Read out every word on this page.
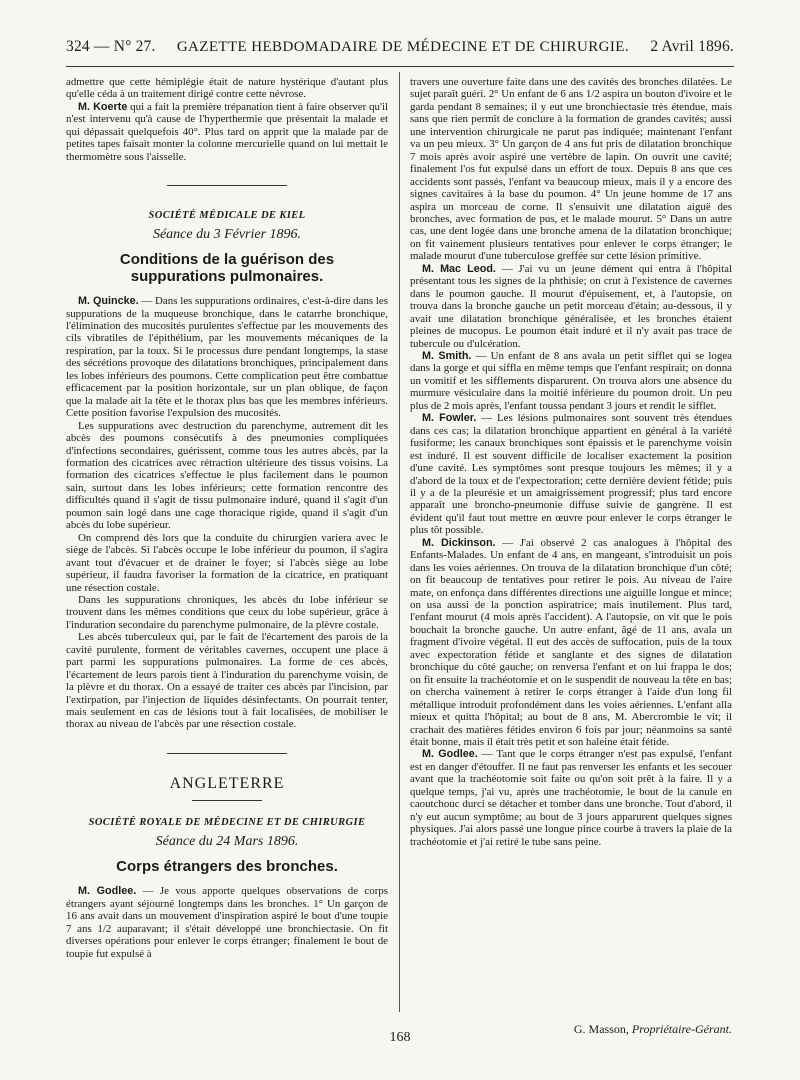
324 — N° 27. GAZETTE HEBDOMADAIRE DE MÉDECINE ET DE CHIRURGIE. 2 Avril 1896.

admettre que cette hémiplégie était de nature hystérique d'autant plus qu'elle céda à un traitement dirigé contre cette névrose.

M. Koerte qui a fait la première trépanation tient à faire observer qu'il n'est intervenu qu'à cause de l'hyperthermie que présentait la malade et qui dépassait quelquefois 40°. Plus tard on apprit que la malade par de petites tapes faisait monter la colonne mercurielle quand on lui mettait le thermomètre sous l'aisselle.

SOCIÉTÉ MÉDICALE DE KIEL
Séance du 3 Février 1896.
Conditions de la guérison des suppurations pulmonaires.

M. Quincke. — Dans les suppurations ordinaires, c'est-à-dire dans les suppurations de la muqueuse bronchique, dans le catarrhe bronchique, l'élimination des mucosités purulentes s'effectue par les mouvements des cils vibratiles de l'épithélium, par les mouvements mécaniques de la respiration, par la toux. Si le processus dure pendant longtemps, la stase des sécrétions provoque des dilatations bronchiques, principalement dans les lobes inférieurs des poumons. Cette complication peut être combattue efficacement par la position horizontale, sur un plan oblique, de façon que la malade ait la tête et le thorax plus bas que les membres inférieurs. Cette position favorise l'expulsion des mucosités.

Les suppurations avec destruction du parenchyme, autrement dit les abcès des poumons consécutifs à des pneumonies compliquées d'infections secondaires, guérissent, comme tous les autres abcès, par la formation des cicatrices avec rétraction ultérieure des tissus voisins. La formation des cicatrices s'effectue le plus facilement dans le poumon sain, surtout dans les lobes inférieurs; cette formation rencontre des difficultés quand il s'agit de tissu pulmonaire induré, quand il s'agit d'un poumon sain logé dans une cage thoracique rigide, quand il s'agit d'un abcès du lobe supérieur.

On comprend dès lors que la conduite du chirurgien variera avec le siège de l'abcès. Si l'abcès occupe le lobe inférieur du poumon, il s'agira avant tout d'évacuer et de drainer le foyer; si l'abcès siège au lobe supérieur, il faudra favoriser la formation de la cicatrice, en pratiquant une résection costale.

Dans les suppurations chroniques, les abcès du lobe inférieur se trouvent dans les mêmes conditions que ceux du lobe supérieur, grâce à l'induration secondaire du parenchyme pulmonaire, de la plèvre costale.

Les abcès tuberculeux qui, par le fait de l'écartement des parois de la cavité purulente, forment de véritables cavernes, occupent une place à part parmi les suppurations pulmonaires. La forme de ces abcès, l'écartement de leurs parois tient à l'induration du parenchyme voisin, de la plèvre et du thorax. On a essayé de traiter ces abcès par l'incision, par l'extirpation, par l'injection de liquides désinfectants. On pourrait tenter, mais seulement en cas de lésions tout à fait localisées, de mobiliser le thorax au niveau de l'abcès par une résection costale.

ANGLETERRE
SOCIÉTÉ ROYALE DE MÉDECINE ET DE CHIRURGIE
Séance du 24 Mars 1896.
Corps étrangers des bronches.

M. Godlee. — Je vous apporte quelques observations de corps étrangers ayant séjourné longtemps dans les bronches. 1° Un garçon de 16 ans avait dans un mouvement d'inspiration aspiré le bout d'une toupie 7 ans 1/2 auparavant; il s'était développé une bronchiectasie. On fit diverses opérations pour enlever le corps étranger; finalement le bout de toupie fut expulsé à

travers une ouverture faite dans une des cavités des bronches dilatées. Le sujet paraît guéri. 2° Un enfant de 6 ans 1/2 aspira un bouton d'ivoire et le garda pendant 8 semaines; il y eut une bronchiectasie très étendue, mais sans que rien permît de conclure à la formation de grandes cavités; aussi une intervention chirurgicale ne parut pas indiquée; maintenant l'enfant va un peu mieux. 3° Un garçon de 4 ans fut pris de dilatation bronchique 7 mois après avoir aspiré une vertèbre de lapin. On ouvrit une cavité; finalement l'os fut expulsé dans un effort de toux. Depuis 8 ans que ces accidents sont passés, l'enfant va beaucoup mieux, mais il y a encore des signes cavitaires à la base du poumon. 4° Un jeune homme de 17 ans aspira un morceau de corne. Il s'ensuivit une dilatation aiguë des bronches, avec formation de pus, et le malade mourut. 5° Dans un autre cas, une dent logée dans une bronche amena de la dilatation bronchique; on fit vainement plusieurs tentatives pour enlever le corps étranger; le malade mourut d'une tuberculose greffée sur cette lésion primitive.

M. Mac Leod. — J'ai vu un jeune dément qui entra à l'hôpital présentant tous les signes de la phthisie; on crut à l'existence de cavernes dans le poumon gauche. Il mourut d'épuisement, et, à l'autopsie, on trouva dans la bronche gauche un petit morceau d'étain; au-dessous, il y avait une dilatation bronchique généralisée, et les bronches étaient pleines de mucopus. Le poumon était induré et il n'y avait pas trace de tubercule ou d'ulcération.

M. Smith. — Un enfant de 8 ans avala un petit sifflet qui se logea dans la gorge et qui siffla en même temps que l'enfant respirait; on donna un vomitif et les sifflements disparurent. On trouva alors une absence du murmure vésiculaire dans la moitié inférieure du poumon droit. Un peu plus de 2 mois après, l'enfant toussa pendant 3 jours et rendit le sifflet.

M. Fowler. — Les lésions pulmonaires sont souvent très étendues dans ces cas; la dilatation bronchique appartient en général à la variété fusiforme; les canaux bronchiques sont épaissis et le parenchyme voisin est induré. Il est souvent difficile de localiser exactement la position d'une cavité. Les symptômes sont presque toujours les mêmes; il y a d'abord de la toux et de l'expectoration; cette dernière devient fétide; puis il y a de la pleurésie et un amaigrissement progressif; plus tard encore apparaît une broncho-pneumonie diffuse suivie de gangrène. Il est évident qu'il faut tout mettre en œuvre pour enlever le corps étranger le plus tôt possible.

M. Dickinson. — J'ai observé 2 cas analogues à l'hôpital des Enfants-Malades. Un enfant de 4 ans, en mangeant, s'introduisit un pois dans les voies aériennes. On trouva de la dilatation bronchique d'un côté; on fit beaucoup de tentatives pour retirer le pois. Au niveau de l'aire mate, on enfonça dans différentes directions une aiguille longue et mince; on usa aussi de la ponction aspiratrice; mais inutilement. Plus tard, l'enfant mourut (4 mois après l'accident). A l'autopsie, on vit que le pois bouchait la bronche gauche. Un autre enfant, âgé de 11 ans, avala un fragment d'ivoire végétal. Il eut des accès de suffocation, puis de la toux avec expectoration fétide et sanglante et des signes de dilatation bronchique du côté gauche; on renversa l'enfant et on lui frappa le dos; on fit ensuite la trachéotomie et on le suspendit de nouveau la tête en bas; on chercha vainement à retirer le corps étranger à l'aide d'un long fil métallique introduit profondément dans les voies aériennes. L'enfant alla mieux et quitta l'hôpital; au bout de 8 ans, M. Abercrombie le vit; il crachait des matières fétides environ 6 fois par jour; néanmoins sa santé était bonne, mais il était très petit et son haleine était fétide.

M. Godlee. — Tant que le corps étranger n'est pas expulsé, l'enfant est en danger d'étouffer. Il ne faut pas renverser les enfants et les secouer avant que la trachéotomie soit faite ou qu'on soit prêt à la faire. Il y a quelque temps, j'ai vu, après une trachéotomie, le bout de la canule en caoutchouc durci se détacher et tomber dans une bronche. Tout d'abord, il n'y eut aucun symptôme; au bout de 3 jours apparurent quelques signes physiques. J'ai alors passé une longue pince courbe à travers la plaie de la trachéotomie et j'ai retiré le tube sans peine.

G. Masson, Propriétaire-Gérant.
168
